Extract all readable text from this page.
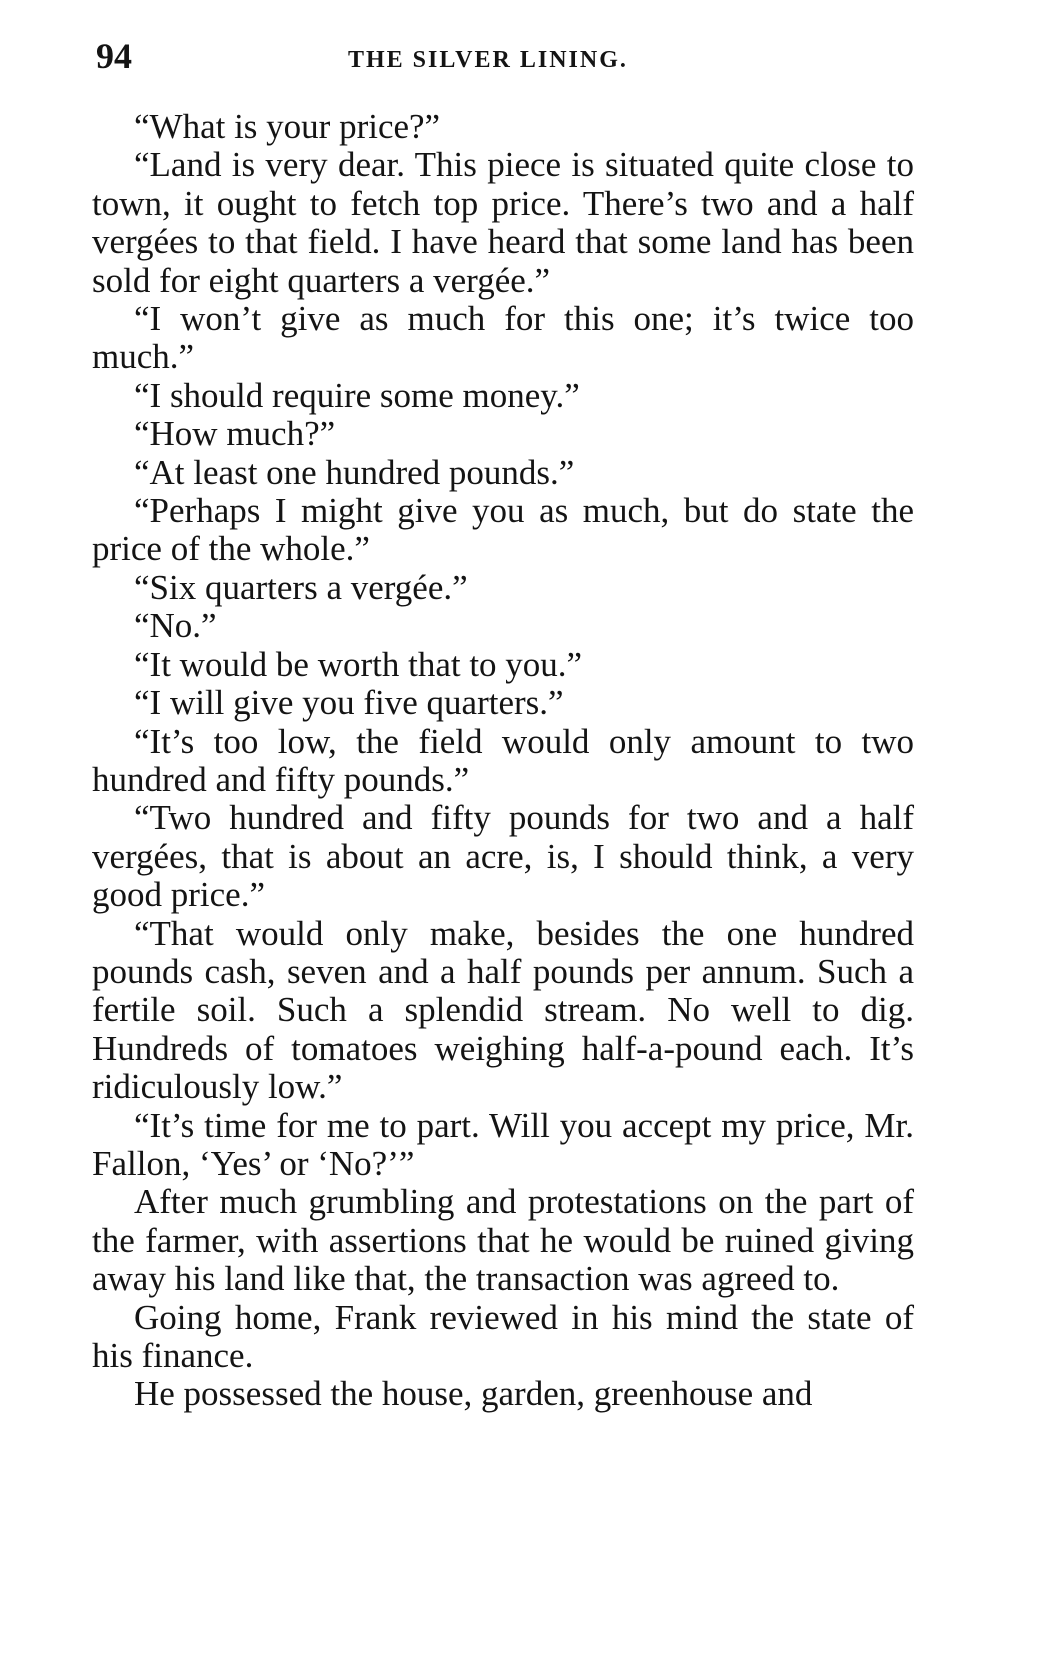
94	THE SILVER LINING.

“What is your price?”

“Land is very dear. This piece is situated quite close to town, it ought to fetch top price. There’s two and a half vergées to that field. I have heard that some land has been sold for eight quarters a vergée.”

“I won’t give as much for this one; it’s twice too much.”

“I should require some money.”

“How much?”

“At least one hundred pounds.”

“Perhaps I might give you as much, but do state the price of the whole.”

“Six quarters a vergée.”

“No.”

“It would be worth that to you.”

“I will give you five quarters.”

“It’s too low, the field would only amount to two hundred and fifty pounds.”

“Two hundred and fifty pounds for two and a half vergées, that is about an acre, is, I should think, a very good price.”

“That would only make, besides the one hundred pounds cash, seven and a half pounds per annum. Such a fertile soil. Such a splendid stream. No well to dig. Hundreds of tomatoes weighing half-a-pound each. It’s ridiculously low.”

“It’s time for me to part. Will you accept my price, Mr. Fallon, ‘Yes’ or ‘No?’”

After much grumbling and protestations on the part of the farmer, with assertions that he would be ruined giving away his land like that, the transaction was agreed to.

Going home, Frank reviewed in his mind the state of his finance.

He possessed the house, garden, greenhouse and
